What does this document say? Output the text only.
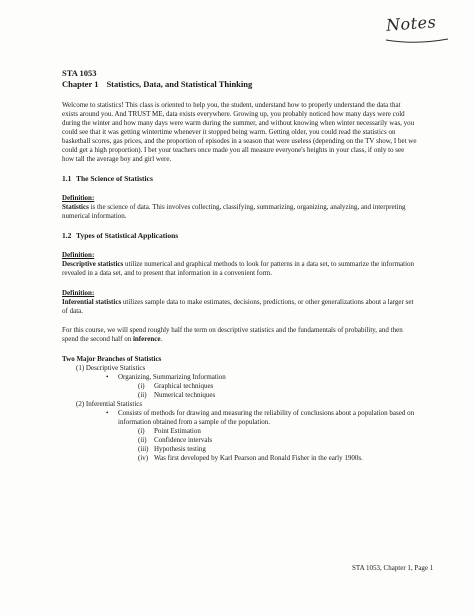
Notes
STA 1053
Chapter 1 Statistics, Data, and Statistical Thinking

Welcome to statistics! This class is oriented to help you, the student, understand how to properly understand the data that exists around you. And TRUST ME, data exists everywhere. Growing up, you probably noticed how many days were cold during the winter and how many days were warm during the summer, and without knowing when winter necessarily was, you could see that it was getting wintertime whenever it stopped being warm. Getting older, you could read the statistics on basketball scores, gas prices, and the proportion of episodes in a season that were useless (depending on the TV show, I bet we could get a high proportion). I bet your teachers once made you all measure everyone's heights in your class, if only to see how tall the average boy and girl were.

1.1 The Science of Statistics
Definition:

Statistics is the science of data. This involves collecting, classifying, summarizing, organizing, analyzing, and interpreting numerical information.

1.2 Types of Statistical Applications
Definition:

Descriptive statistics utilize numerical and graphical methods to look for patterns in a data set, to summarize the information revealed in a data set, and to present that information in a convenient form.

Definition:

Inferential statistics utilizes sample data to make estimates, decisions, predictions, or other generalizations about a larger set of data.

For this course, we will spend roughly half the term on descriptive statistics and the fundamentals of probability, and then spend the second half on inference.

Two Major Branches of Statistics
(1) Descriptive Statistics
•	Organizing, Summarizing Information
(i)	Graphical techniques
(ii)	Numerical techniques
(2) Inferential Statistics
•	Consists of methods for drawing and measuring the reliability of conclusions about a population based on information obtained from a sample of the population.
(i)	Point Estimation
(ii)	Confidence intervals
(iii) Hypothesis testing
(iv) Was first developed by Karl Pearson and Ronald Fisher in the early 1900s.
STA 1053, Chapter 1, Page 1
